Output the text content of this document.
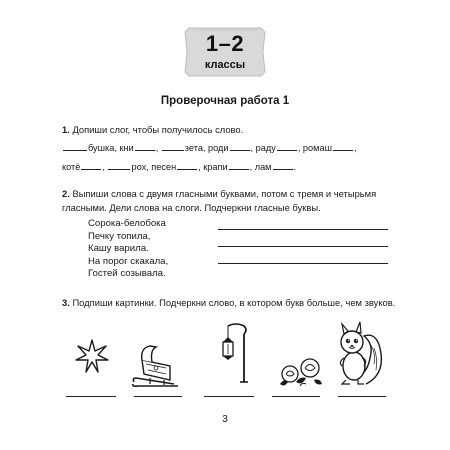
1–2
классы
Проверочная работа 1
1. Допиши слог, чтобы получилось слово.
бушка, кни ,	зета, роди , раду , ромаш ,
котё ,	рох, песен , крапи , лам .
2. Выпиши слова с двумя гласными буквами, потом с тремя и четырьмя гласными. Дели слова на слоги. Подчеркни гласные буквы.
Сорока-белобока
Печку топила,
Кашу варила.
На порог скакала,
Гостей созывала.
3. Подпиши картинки. Подчеркни слово, в котором букв больше, чем звуков.
3
